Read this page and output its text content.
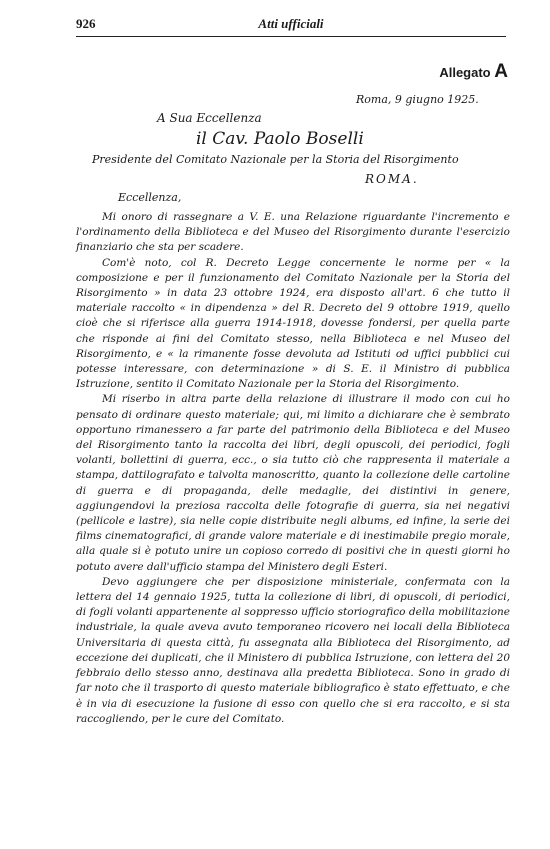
926	Atti ufficiali
Allegato A
Roma, 9 giugno 1925.
A Sua Eccellenza
il Cav. Paolo Boselli
Presidente del Comitato Nazionale per la Storia del Risorgimento
ROMA.
Eccellenza,

Mi onoro di rassegnare a V. E. una Relazione riguardante l'incremento e l'ordinamento della Biblioteca e del Museo del Risorgimento durante l'esercizio finanziario che sta per scadere.

Com'è noto, col R. Decreto Legge concernente le norme per « la composizione e per il funzionamento del Comitato Nazionale per la Storia del Risorgimento » in data 23 ottobre 1924, era disposto all'art. 6 che tutto il materiale raccolto « in dipendenza » del R. Decreto del 9 ottobre 1919, quello cioè che si riferisce alla guerra 1914-1918, dovesse fondersi, per quella parte che risponde ai fini del Comitato stesso, nella Biblioteca e nel Museo del Risorgimento, e « la rimanente fosse devoluta ad Istituti od uffici pubblici cui potesse interessare, con determinazione » di S. E. il Ministro di pubblica Istruzione, sentito il Comitato Nazionale per la Storia del Risorgimento.

Mi riserbo in altra parte della relazione di illustrare il modo con cui ho pensato di ordinare questo materiale; qui, mi limito a dichiarare che è sembrato opportuno rimanessero a far parte del patrimonio della Biblioteca e del Museo del Risorgimento tanto la raccolta dei libri, degli opuscoli, dei periodici, fogli volanti, bollettini di guerra, ecc., o sia tutto ciò che rappresenta il materiale a stampa, dattilografato e talvolta manoscritto, quanto la collezione delle cartoline di guerra e di propaganda, delle medaglie, dei distintivi in genere, aggiungendovi la preziosa raccolta delle fotografie di guerra, sia nei negativi (pellicole e lastre), sia nelle copie distribuite negli albums, ed infine, la serie dei films cinematografici, di grande valore materiale e di inestimabile pregio morale, alla quale si è potuto unire un copioso corredo di positivi che in questi giorni ho potuto avere dall'ufficio stampa del Ministero degli Esteri.

Devo aggiungere che per disposizione ministeriale, confermata con la lettera del 14 gennaio 1925, tutta la collezione di libri, di opuscoli, di periodici, di fogli volanti appartenente al soppresso ufficio storiografico della mobilitazione industriale, la quale aveva avuto temporaneo ricovero nei locali della Biblioteca Universitaria di questa città, fu assegnata alla Biblioteca del Risorgimento, ad eccezione dei duplicati, che il Ministero di pubblica Istruzione, con lettera del 20 febbraio dello stesso anno, destinava alla predetta Biblioteca. Sono in grado di far noto che il trasporto di questo materiale bibliografico è stato effettuato, e che è in via di esecuzione la fusione di esso con quello che si era raccolto, e si sta raccogliendo, per le cure del Comitato.
